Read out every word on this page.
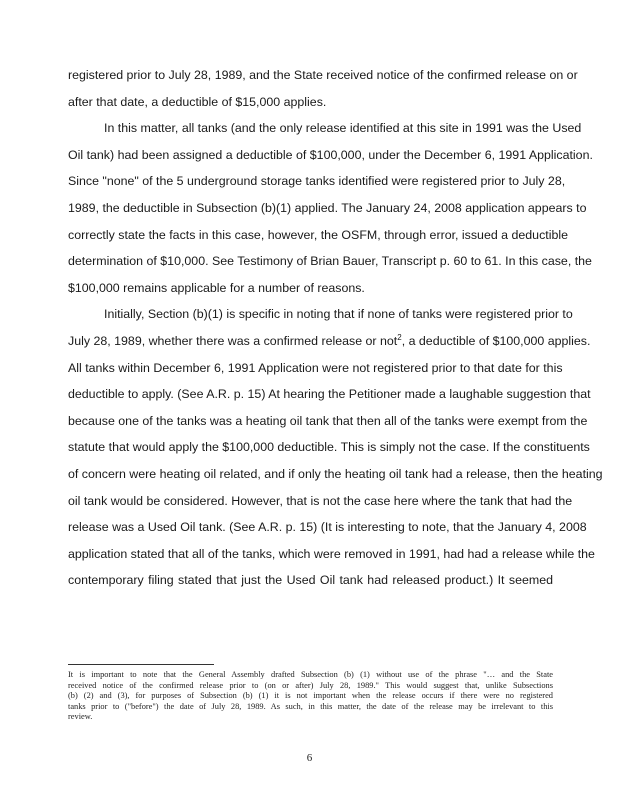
registered prior to July 28, 1989, and the State received notice of the confirmed release on or
after that date, a deductible of $15,000 applies.
In this matter, all tanks (and the only release identified at this site in 1991 was the Used
Oil tank) had been assigned a deductible of $100,000, under the December 6, 1991 Application.
Since "none" of the 5 underground storage tanks identified were registered prior to July 28,
1989, the deductible in Subsection (b)(1) applied. The January 24, 2008 application appears to
correctly state the facts in this case, however, the OSFM, through error, issued a deductible
determination of $10,000. See Testimony of Brian Bauer, Transcript p. 60 to 61. In this case, the
$100,000 remains applicable for a number of reasons.
Initially, Section (b)(1) is specific in noting that if none of tanks were registered prior to
July 28, 1989, whether there was a confirmed release or not$^2$, a deductible of $100,000 applies.
All tanks within December 6, 1991 Application were not registered prior to that date for this
deductible to apply. (See A.R. p. 15) At hearing the Petitioner made a laughable suggestion that
because one of the tanks was a heating oil tank that then all of the tanks were exempt from the
statute that would apply the $100,000 deductible. This is simply not the case. If the constituents
of concern were heating oil related, and if only the heating oil tank had a release, then the heating
oil tank would be considered. However, that is not the case here where the tank that had the
release was a Used Oil tank. (See A.R. p. 15) (It is interesting to note, that the January 4, 2008
application stated that all of the tanks, which were removed in 1991, had had a release while the
contemporary filing stated that just the Used Oil tank had released product.) It seemed
It is important to note that the General Assembly drafted Subsection (b) (1) without use of the phrase "… and the State
received notice of the confirmed release prior to (on or after) July 28, 1989." This would suggest that, unlike Subsections
(b) (2) and (3), for purposes of Subsection (b) (1) it is not important when the release occurs if there were no registered
tanks prior to ("before") the date of July 28, 1989. As such, in this matter, the date of the release may be irrelevant to this
review.
6
